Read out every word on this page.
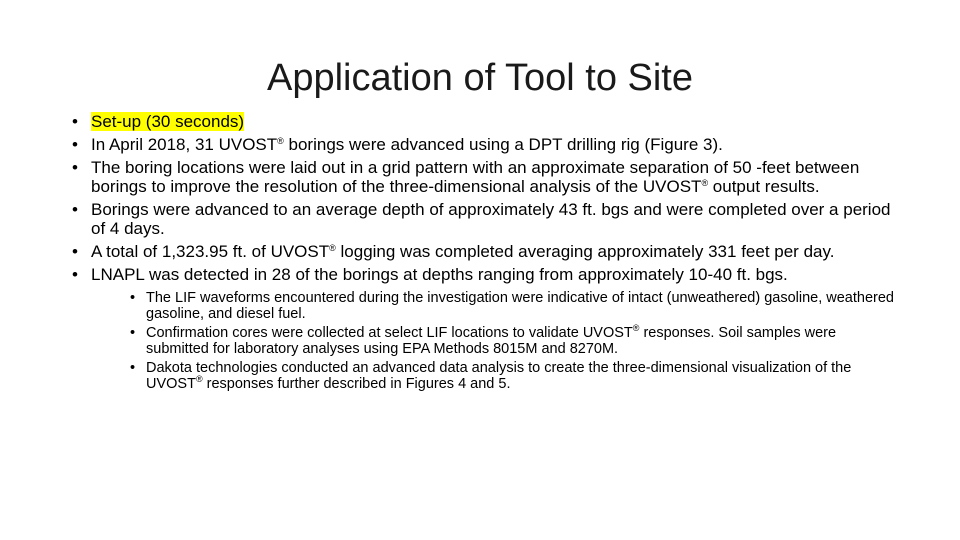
Application of Tool to Site
• Set-up (30 seconds)
• In April 2018, 31 UVOST® borings were advanced using a DPT drilling rig (Figure 3).
• The boring locations were laid out in a grid pattern with an approximate separation of 50 -feet between borings to improve the resolution of the three-dimensional analysis of the UVOST® output results.
• Borings were advanced to an average depth of approximately 43 ft. bgs and were completed over a period of 4 days.
• A total of 1,323.95 ft. of UVOST® logging was completed averaging approximately 331 feet per day.
• LNAPL was detected in 28 of the borings at depths ranging from approximately 10-40 ft. bgs.
• The LIF waveforms encountered during the investigation were indicative of intact (unweathered) gasoline, weathered gasoline, and diesel fuel.
• Confirmation cores were collected at select LIF locations to validate UVOST® responses. Soil samples were submitted for laboratory analyses using EPA Methods 8015M and 8270M.
• Dakota technologies conducted an advanced data analysis to create the three-dimensional visualization of the UVOST® responses further described in Figures 4 and 5.
